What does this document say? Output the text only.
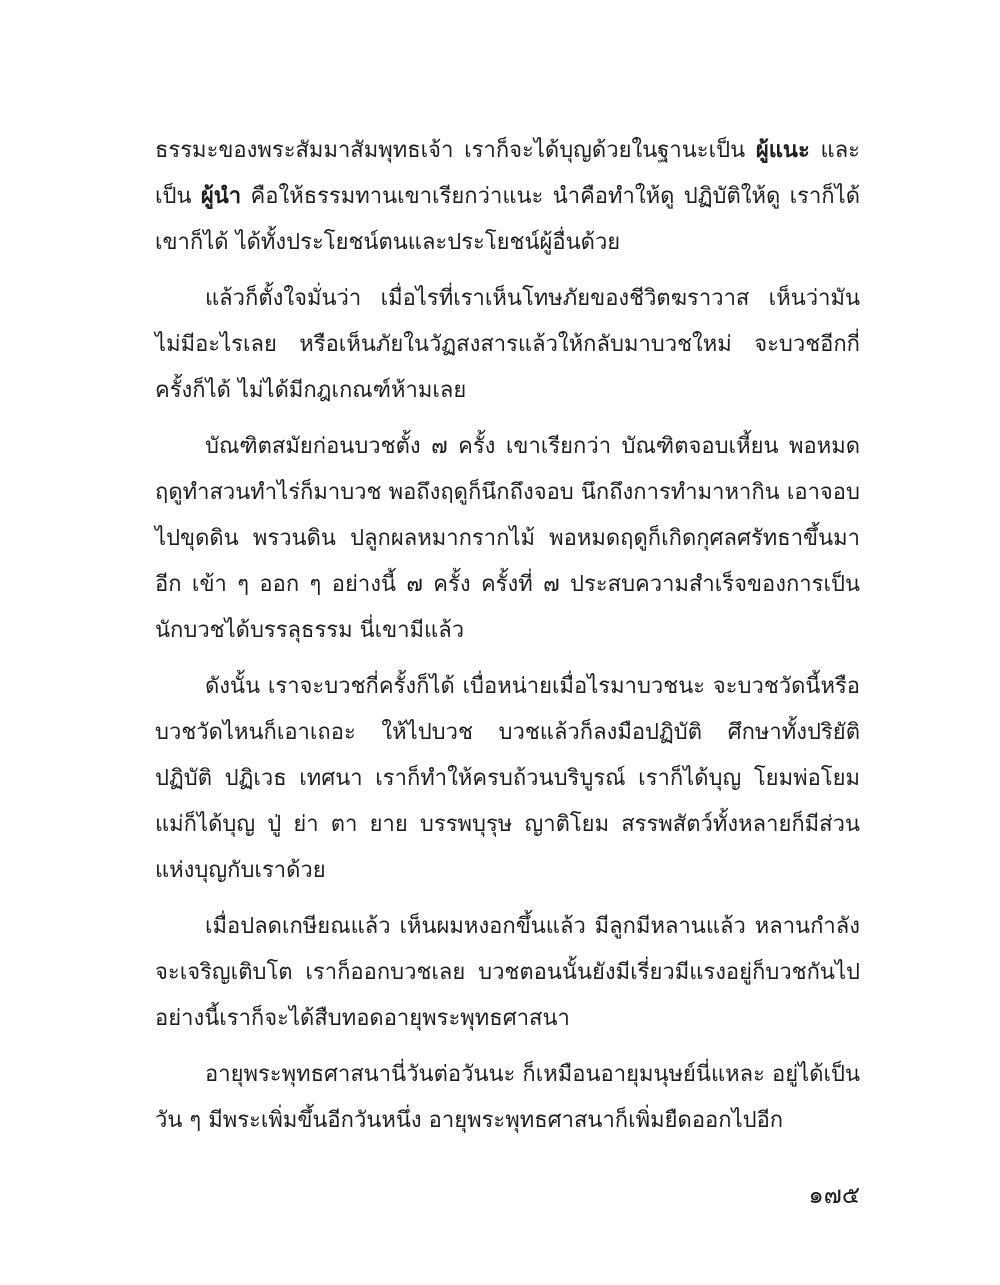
ธรรมะของพระสัมมาสัมพุทธเจ้า เราก็จะได้บุญด้วยในฐานะเป็น ผู้แนะ และเป็น ผู้นำ คือให้ธรรมทานเขาเรียกว่าแนะ นำคือทำให้ดู ปฏิบัติให้ดู เราก็ได้ เขาก็ได้ ได้ทั้งประโยชน์ตนและประโยชน์ผู้อื่นด้วย

แล้วก็ตั้งใจมั่นว่า เมื่อไรที่เราเห็นโทษภัยของชีวิตฆราวาส เห็นว่ามันไม่มีอะไรเลย หรือเห็นภัยในวัฏสงสารแล้วให้กลับมาบวชใหม่ จะบวชอีกกี่ครั้งก็ได้ ไม่ได้มีกฎเกณฑ์ห้ามเลย

บัณฑิตสมัยก่อนบวชตั้ง ๗ ครั้ง เขาเรียกว่า บัณฑิตจอบเหี้ยน พอหมดฤดูทำสวนทำไร่ก็มาบวช พอถึงฤดูก็นึกถึงจอบ นึกถึงการทำมาหากิน เอาจอบไปขุดดิน พรวนดิน ปลูกผลหมากรากไม้ พอหมดฤดูก็เกิดกุศลศรัทธาขึ้นมาอีก เข้า ๆ ออก ๆ อย่างนี้ ๗ ครั้ง ครั้งที่ ๗ ประสบความสำเร็จของการเป็นนักบวชได้บรรลุธรรม นี่เขามีแล้ว

ดังนั้น เราจะบวชกี่ครั้งก็ได้ เบื่อหน่ายเมื่อไรมาบวชนะ จะบวชวัดนี้หรือบวชวัดไหนก็เอาเถอะ ให้ไปบวช บวชแล้วก็ลงมือปฏิบัติ ศึกษาทั้งปริยัติ ปฏิบัติ ปฏิเวธ เทศนา เราก็ทำให้ครบถ้วนบริบูรณ์ เราก็ได้บุญ โยมพ่อโยมแม่ก็ได้บุญ ปู่ ย่า ตา ยาย บรรพบุรุษ ญาติโยม สรรพสัตว์ทั้งหลายก็มีส่วนแห่งบุญกับเราด้วย

เมื่อปลดเกษียณแล้ว เห็นผมหงอกขึ้นแล้ว มีลูกมีหลานแล้ว หลานกำลังจะเจริญเติบโต เราก็ออกบวชเลย บวชตอนนั้นยังมีเรี่ยวมีแรงอยู่ก็บวชกันไป อย่างนี้เราก็จะได้สืบทอดอายุพระพุทธศาสนา

อายุพระพุทธศาสนานี่วันต่อวันนะ ก็เหมือนอายุมนุษย์นี่แหละ อยู่ได้เป็นวัน ๆ มีพระเพิ่มขึ้นอีกวันหนึ่ง อายุพระพุทธศาสนาก็เพิ่มยืดออกไปอีก

๑๗๕
